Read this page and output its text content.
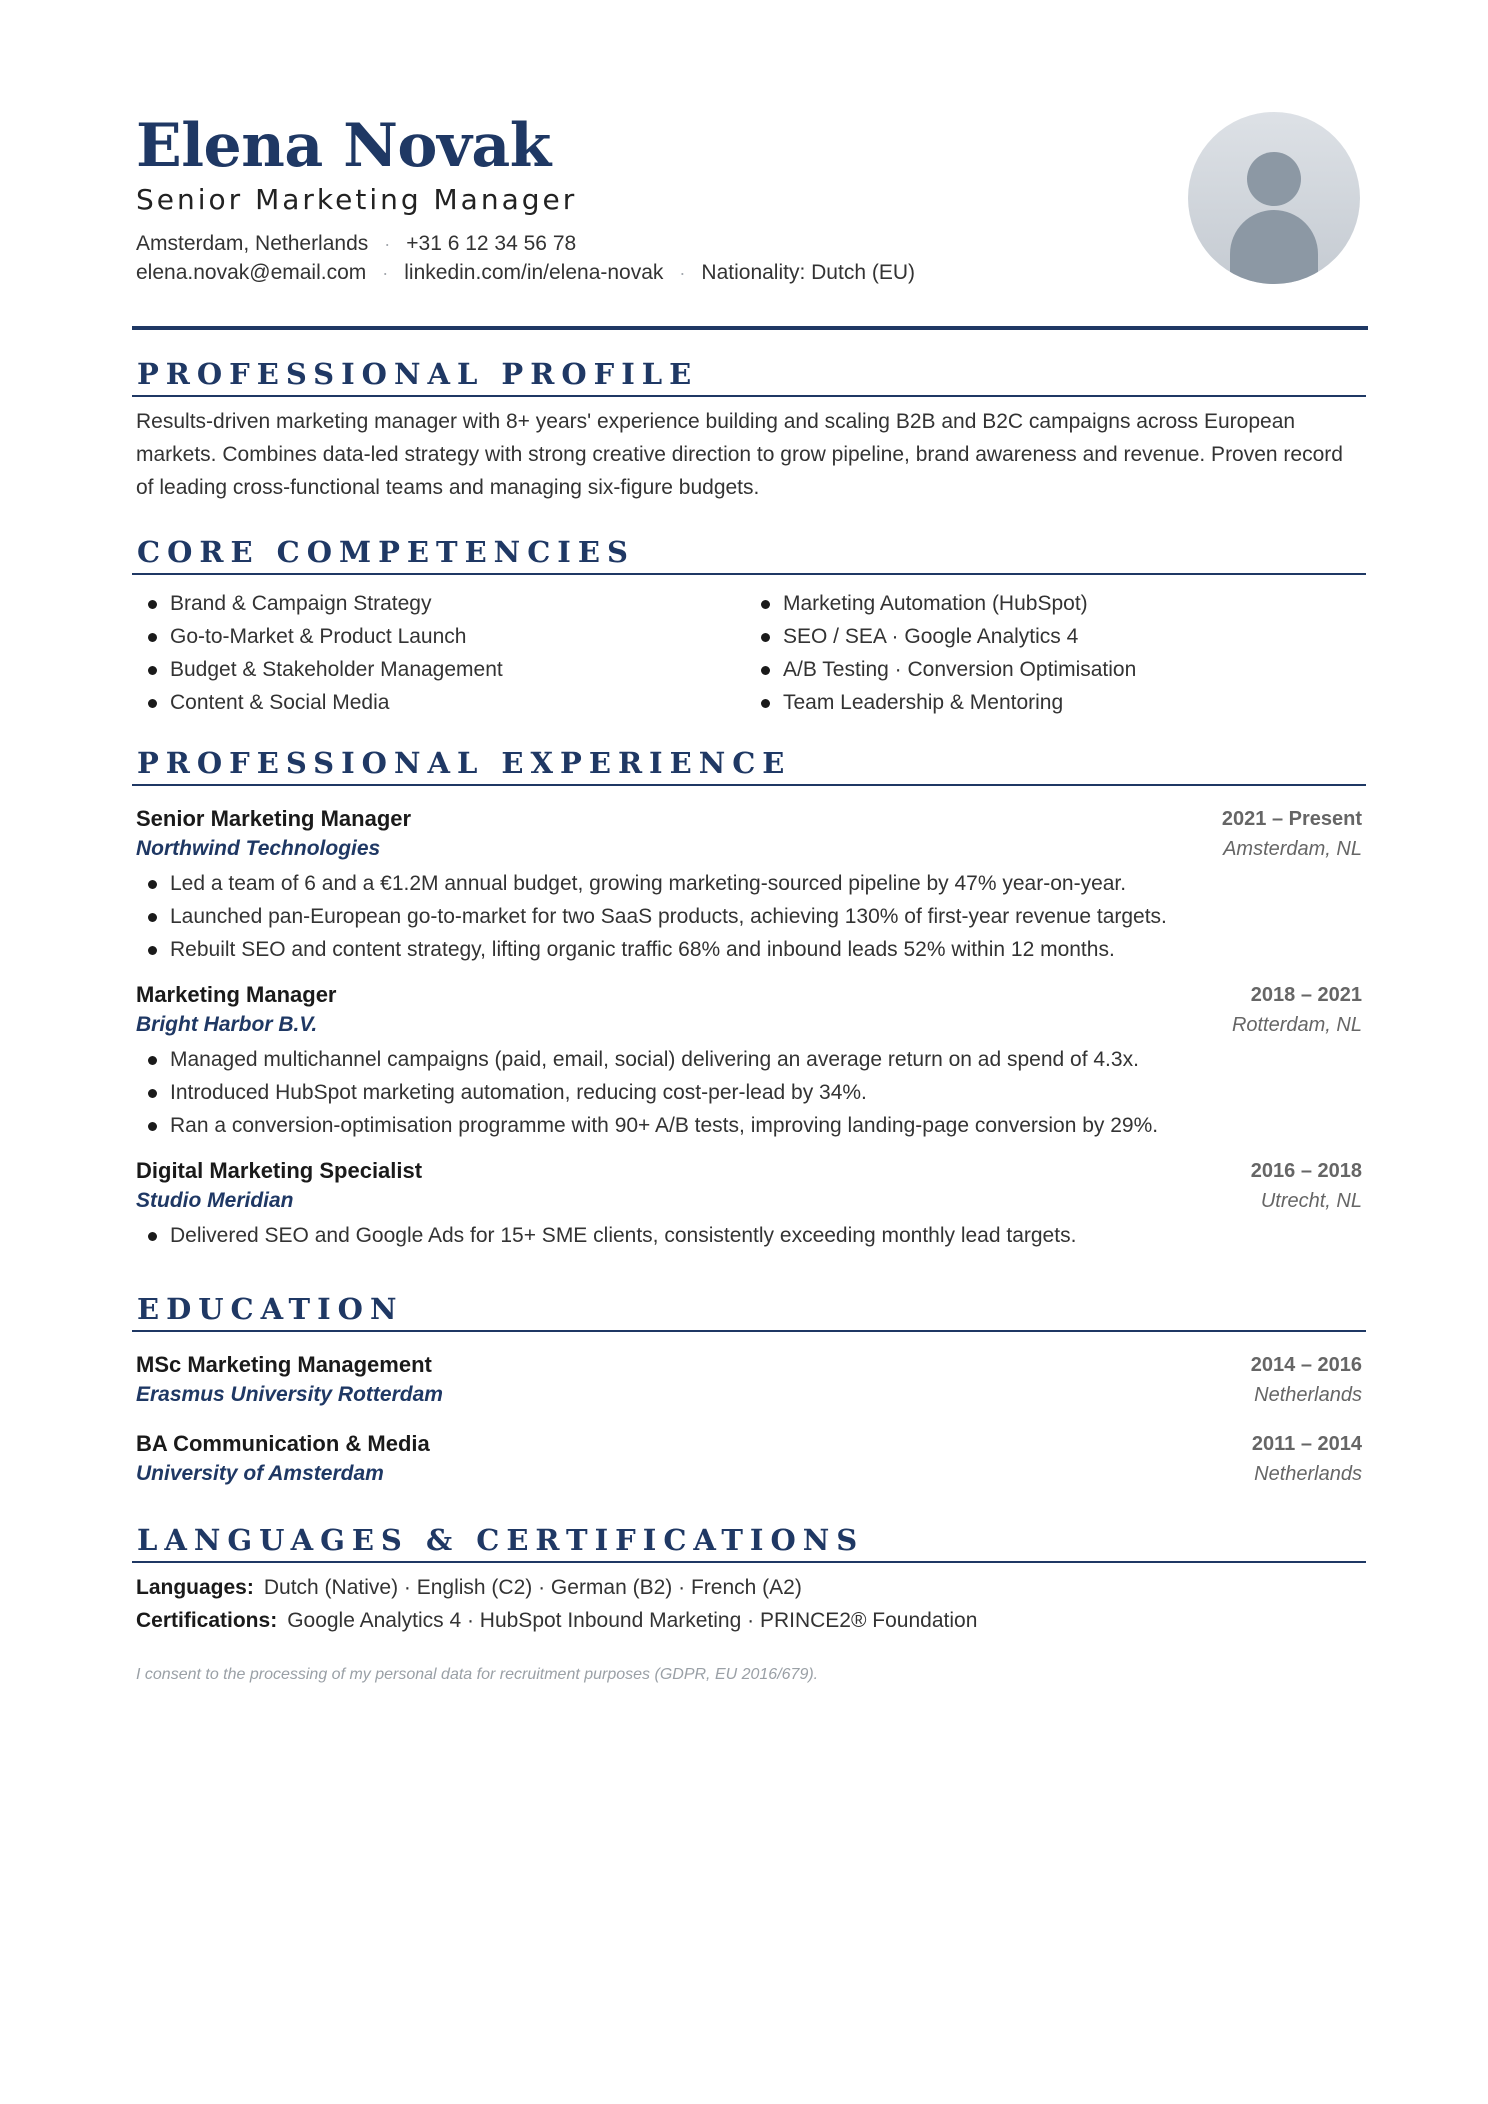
Elena Novak
Senior Marketing Manager
Amsterdam, Netherlands · +31 6 12 34 56 78
elena.novak@email.com · linkedin.com/in/elena-novak · Nationality: Dutch (EU)
PROFESSIONAL PROFILE
Results-driven marketing manager with 8+ years' experience building and scaling B2B and B2C campaigns across European markets. Combines data-led strategy with strong creative direction to grow pipeline, brand awareness and revenue. Proven record of leading cross-functional teams and managing six-figure budgets.
CORE COMPETENCIES
Brand & Campaign Strategy
Go-to-Market & Product Launch
Budget & Stakeholder Management
Content & Social Media
Marketing Automation (HubSpot)
SEO / SEA · Google Analytics 4
A/B Testing · Conversion Optimisation
Team Leadership & Mentoring
PROFESSIONAL EXPERIENCE
Senior Marketing Manager	2021 – Present
Northwind Technologies	Amsterdam, NL
Led a team of 6 and a €1.2M annual budget, growing marketing-sourced pipeline by 47% year-on-year.
Launched pan-European go-to-market for two SaaS products, achieving 130% of first-year revenue targets.
Rebuilt SEO and content strategy, lifting organic traffic 68% and inbound leads 52% within 12 months.
Marketing Manager	2018 – 2021
Bright Harbor B.V.	Rotterdam, NL
Managed multichannel campaigns (paid, email, social) delivering an average return on ad spend of 4.3x.
Introduced HubSpot marketing automation, reducing cost-per-lead by 34%.
Ran a conversion-optimisation programme with 90+ A/B tests, improving landing-page conversion by 29%.
Digital Marketing Specialist	2016 – 2018
Studio Meridian	Utrecht, NL
Delivered SEO and Google Ads for 15+ SME clients, consistently exceeding monthly lead targets.
EDUCATION
MSc Marketing Management	2014 – 2016
Erasmus University Rotterdam	Netherlands
BA Communication & Media	2011 – 2014
University of Amsterdam	Netherlands
LANGUAGES & CERTIFICATIONS
Languages: Dutch (Native) · English (C2) · German (B2) · French (A2)
Certifications: Google Analytics 4 · HubSpot Inbound Marketing · PRINCE2® Foundation
I consent to the processing of my personal data for recruitment purposes (GDPR, EU 2016/679).
